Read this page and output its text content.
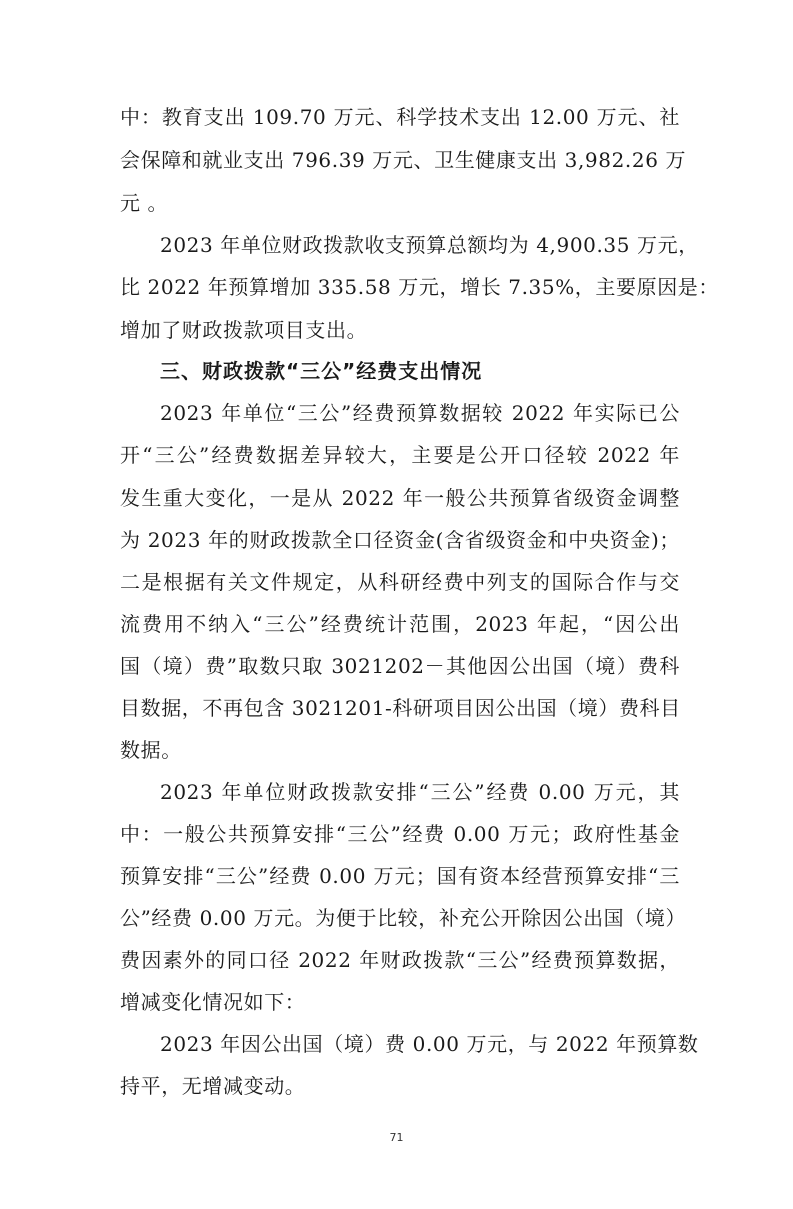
中：教育支出 109.70 万元、科学技术支出 12.00 万元、社
会保障和就业支出 796.39 万元、卫生健康支出 3,982.26 万
元 。
2023 年单位财政拨款收支预算总额均为 4,900.35 万元，
比 2022 年预算增加 335.58 万元，增长 7.35%，主要原因是：
增加了财政拨款项目支出。
三、财政拨款“三公”经费支出情况
2023 年单位“三公”经费预算数据较 2022 年实际已公
开“三公”经费数据差异较大，主要是公开口径较 2022 年
发生重大变化，一是从 2022 年一般公共预算省级资金调整
为 2023 年的财政拨款全口径资金(含省级资金和中央资金)；
二是根据有关文件规定，从科研经费中列支的国际合作与交
流费用不纳入“三公”经费统计范围，2023 年起，“因公出
国（境）费”取数只取 3021202－其他因公出国（境）费科
目数据，不再包含 3021201-科研项目因公出国（境）费科目
数据。
2023 年单位财政拨款安排“三公”经费 0.00 万元，其
中：一般公共预算安排“三公”经费 0.00 万元；政府性基金
预算安排“三公”经费 0.00 万元；国有资本经营预算安排“三
公”经费 0.00 万元。为便于比较，补充公开除因公出国（境）
费因素外的同口径 2022 年财政拨款“三公”经费预算数据，
增减变化情况如下：
2023 年因公出国（境）费 0.00 万元，与 2022 年预算数
持平，无增减变动。
71
